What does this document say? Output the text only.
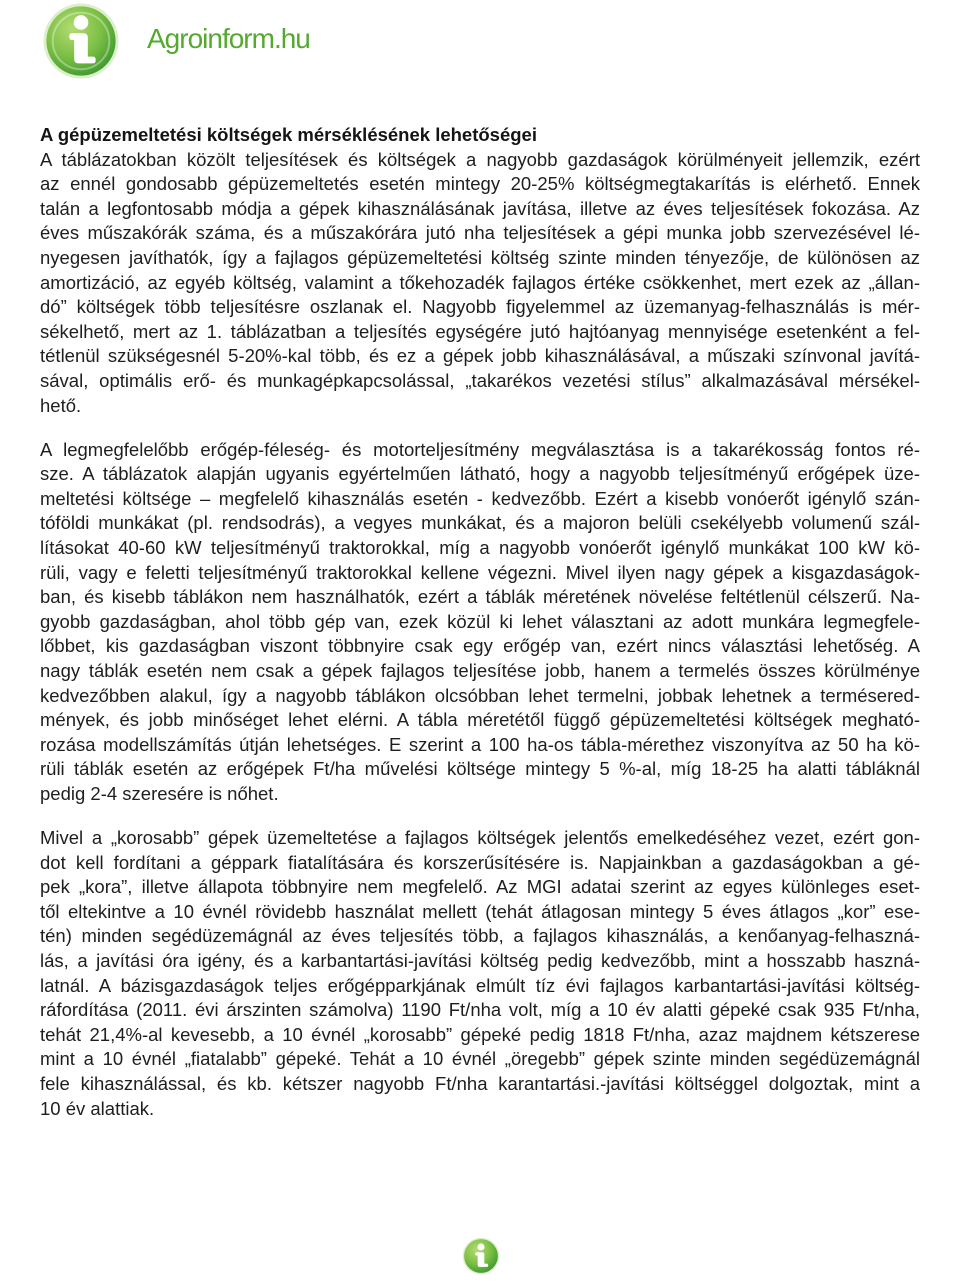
Agroinform.hu
A gépüzemeltetési költségek mérséklésének lehetőségei
A táblázatokban közölt teljesítések és költségek a nagyobb gazdaságok körülményeit jellemzik, ezért
az ennél gondosabb gépüzemeltetés esetén mintegy 20-25% költségmegtakarítás is elérhető. Ennek
talán a legfontosabb módja a gépek kihasználásának javítása, illetve az éves teljesítések fokozása. Az
éves műszakórák száma, és a műszakórára jutó nha teljesítések a gépi munka jobb szervezésével lé-
nyegesen javíthatók, így a fajlagos gépüzemeltetési költség szinte minden tényezője, de különösen az
amortizáció, az egyéb költség, valamint a tőkehozadék fajlagos értéke csökkenhet, mert ezek az „állan-
dó” költségek több teljesítésre oszlanak el. Nagyobb figyelemmel az üzemanyag-felhasználás is mér-
sékelhető, mert az 1. táblázatban a teljesítés egységére jutó hajtóanyag mennyisége esetenként a fel-
tétlenül szükségesnél 5-20%-kal több, és ez a gépek jobb kihasználásával, a műszaki színvonal javítá-
sával, optimális erő- és munkagépkapcsolással, „takarékos vezetési stílus” alkalmazásával mérsékel-
hető.
A legmegfelelőbb erőgép-féleség- és motorteljesítmény megválasztása is a takarékosság fontos ré-
sze. A táblázatok alapján ugyanis egyértelműen látható, hogy a nagyobb teljesítményű erőgépek üze-
meltetési költsége – megfelelő kihasználás esetén - kedvezőbb. Ezért a kisebb vonóerőt igénylő szán-
tóföldi munkákat (pl. rendsodrás), a vegyes munkákat, és a majoron belüli csekélyebb volumenű szál-
lításokat 40-60 kW teljesítményű traktorokkal, míg a nagyobb vonóerőt igénylő munkákat 100 kW kö-
rüli, vagy e feletti teljesítményű traktorokkal kellene végezni. Mivel ilyen nagy gépek a kisgazdaságok-
ban, és kisebb táblákon nem használhatók, ezért a táblák méretének növelése feltétlenül célszerű. Na-
gyobb gazdaságban, ahol több gép van, ezek közül ki lehet választani az adott munkára legmegfele-
lőbbet, kis gazdaságban viszont többnyire csak egy erőgép van, ezért nincs választási lehetőség. A
nagy táblák esetén nem csak a gépek fajlagos teljesítése jobb, hanem a termelés összes körülménye
kedvezőbben alakul, így a nagyobb táblákon olcsóbban lehet termelni, jobbak lehetnek a termésered-
mények, és jobb minőséget lehet elérni. A tábla méretétől függő gépüzemeltetési költségek megható-
rozása modellszámítás útján lehetséges. E szerint a 100 ha-os tábla-mérethez viszonyítva az 50 ha kö-
rüli táblák esetén az erőgépek Ft/ha művelési költsége mintegy 5 %-al, míg 18-25 ha alatti tábláknál
pedig 2-4 szeresére is nőhet.
Mivel a „korosabb” gépek üzemeltetése a fajlagos költségek jelentős emelkedéséhez vezet, ezért gon-
dot kell fordítani a géppark fiatalítására és korszerűsítésére is. Napjainkban a gazdaságokban a gé-
pek „kora”, illetve állapota többnyire nem megfelelő. Az MGI adatai szerint az egyes különleges eset-
től eltekintve a 10 évnél rövidebb használat mellett (tehát átlagosan mintegy 5 éves átlagos „kor” ese-
tén) minden segédüzemágnál az éves teljesítés több, a fajlagos kihasználás, a kenőanyag-felhaszná-
lás, a javítási óra igény, és a karbantartási-javítási költség pedig kedvezőbb, mint a hosszabb haszná-
latnál. A bázisgazdaságok teljes erőgépparkjának elmúlt tíz évi fajlagos karbantartási-javítási költség-
ráfordítása (2011. évi árszinten számolva) 1190 Ft/nha volt, míg a 10 év alatti gépeké csak 935 Ft/nha,
tehát 21,4%-al kevesebb, a 10 évnél „korosabb” gépeké pedig 1818 Ft/nha, azaz majdnem kétszerese
mint a 10 évnél „fiatalabb” gépeké. Tehát a 10 évnél „öregebb” gépek szinte minden segédüzemágnál
fele kihasználással, és kb. kétszer nagyobb Ft/nha karantartási.-javítási költséggel dolgoztak, mint a
10 év alattiak.
